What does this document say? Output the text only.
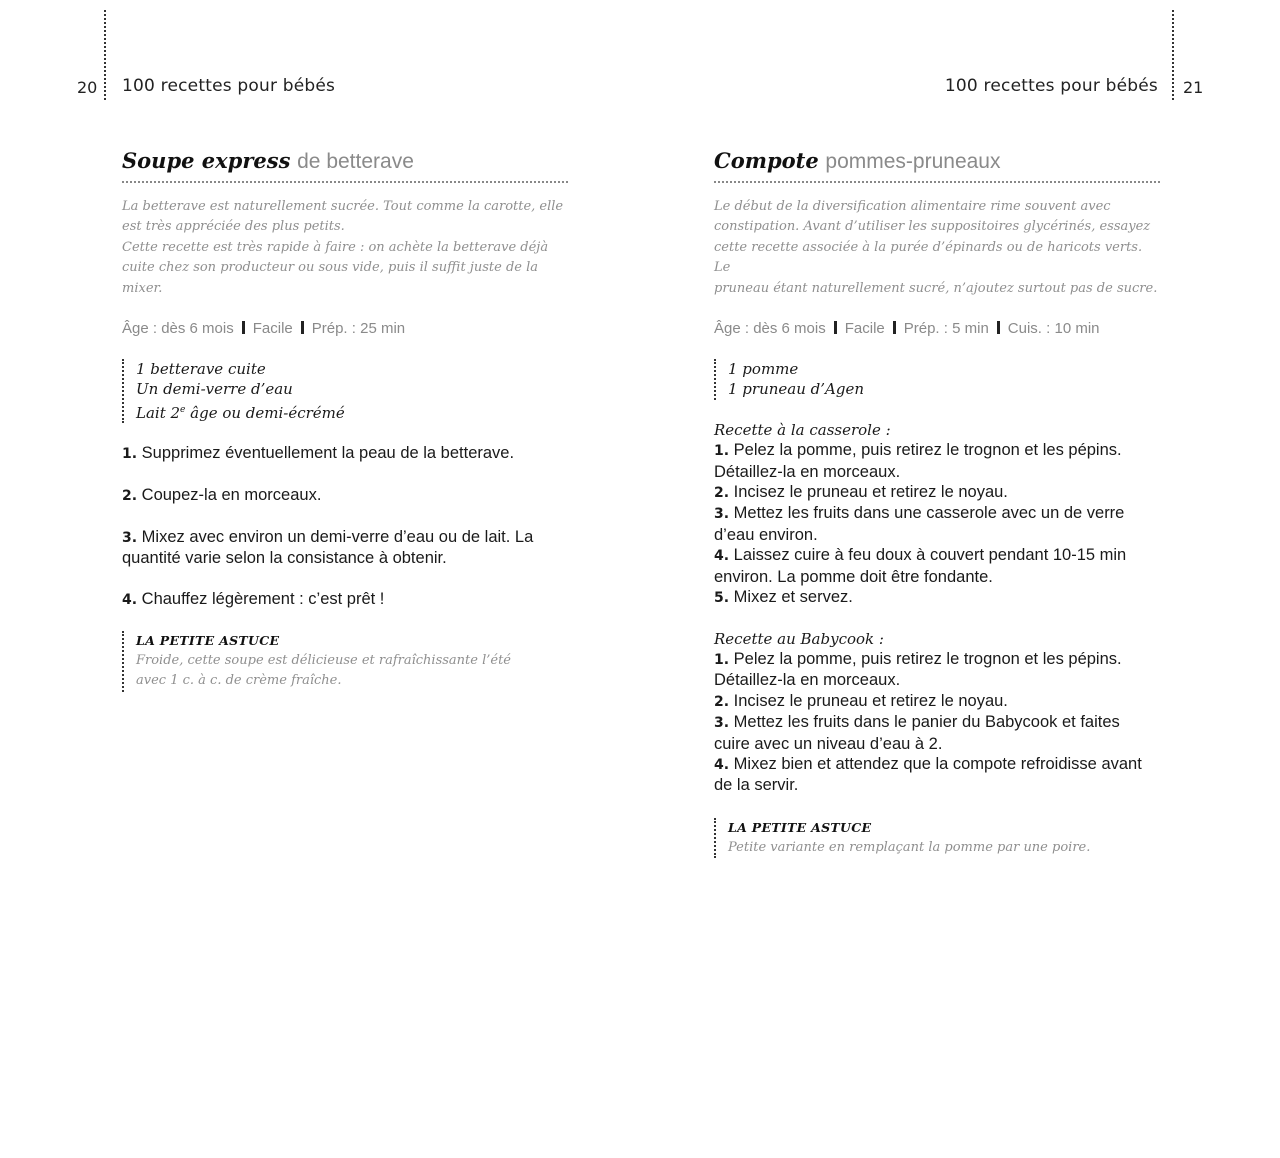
20 100 recettes pour bébés
Soupe express de betterave
La betterave est naturellement sucrée. Tout comme la carotte, elle
est très appréciée des plus petits.
Cette recette est très rapide à faire : on achète la betterave déjà
cuite chez son producteur ou sous vide, puis il suffit juste de la
mixer.
Âge : dès 6 mois Facile Prép. : 25 min
1 betterave cuite
Un demi-verre d’eau
Lait 2e âge ou demi-écrémé

1. Supprimez éventuellement la peau de la betterave.

2. Coupez-la en morceaux.

3. Mixez avec environ un demi-verre d’eau ou de lait. La quantité varie selon la consistance à obtenir.

4. Chauffez légèrement : c’est prêt !

LA PETITE ASTUCE
Froide, cette soupe est délicieuse et rafraîchissante l’été
avec 1 c. à c. de crème fraîche.
100 recettes pour bébés 21
Compote pommes-pruneaux
Le début de la diversification alimentaire rime souvent avec
constipation. Avant d’utiliser les suppositoires glycérinés, essayez
cette recette associée à la purée d’épinards ou de haricots verts. Le
pruneau étant naturellement sucré, n’ajoutez surtout pas de sucre.
Âge : dès 6 mois Facile Prép. : 5 min Cuis. : 10 min
1 pomme
1 pruneau d’Agen
Recette à la casserole :

1. Pelez la pomme, puis retirez le trognon et les pépins. Détaillez-la en morceaux.

2. Incisez le pruneau et retirez le noyau.

3. Mettez les fruits dans une casserole avec un de verre d’eau environ.

4. Laissez cuire à feu doux à couvert pendant 10-15 min environ. La pomme doit être fondante.

5. Mixez et servez.

Recette au Babycook :

1. Pelez la pomme, puis retirez le trognon et les pépins. Détaillez-la en morceaux.

2. Incisez le pruneau et retirez le noyau.

3. Mettez les fruits dans le panier du Babycook et faites cuire avec un niveau d’eau à 2.

4. Mixez bien et attendez que la compote refroidisse avant de la servir.

LA PETITE ASTUCE
Petite variante en remplaçant la pomme par une poire.
